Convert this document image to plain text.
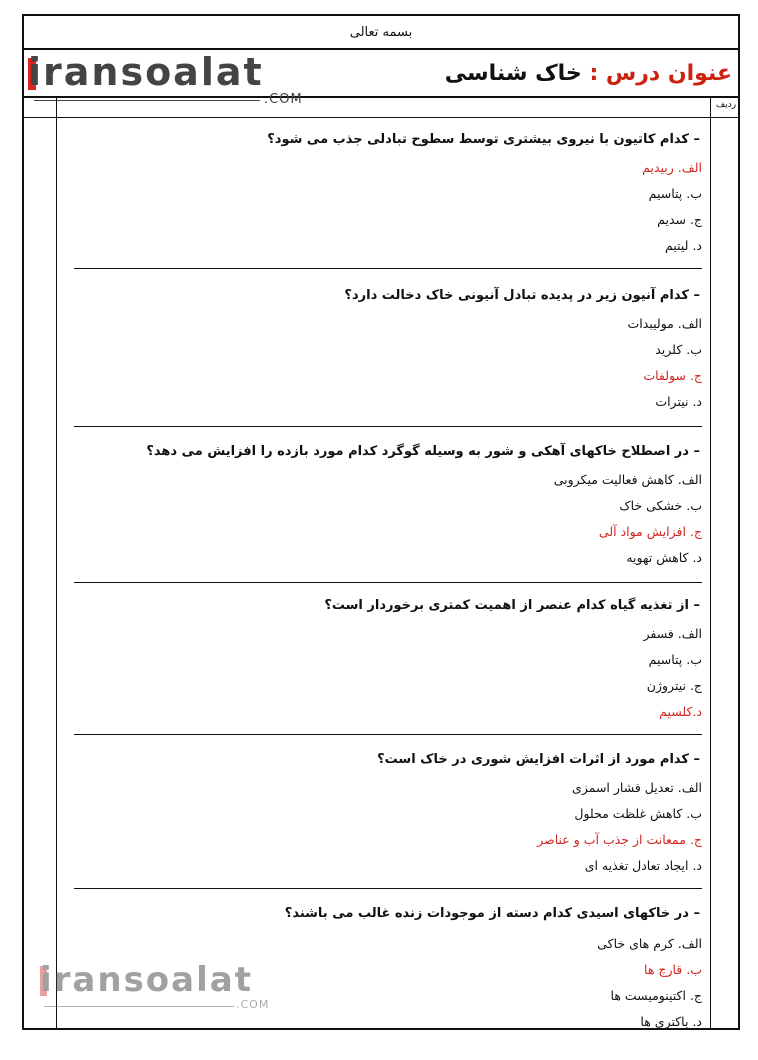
بسمه تعالی
iransoalat
.COM
عنوان درس : خاک شناسی
ردیف
– کدام کاتیون با نیروی بیشتری توسط سطوح تبادلی جذب می شود؟
الف. ربیدیم
ب. پتاسیم
ج. سدیم
د. لیتیم
– کدام آنیون زیر در پدیده تبادل آنیونی خاک دخالت دارد؟
الف. مولیبدات
ب. کلرید
ج. سولفات
د. نیترات
– در اصطلاح خاکهای آهکی و شور به وسیله گوگرد کدام مورد بازده را افزایش می دهد؟
الف. کاهش فعالیت میکروبی
ب. خشکی خاک
ج. افزایش مواد آلی
د. کاهش تهویه
– از تغذیه گیاه کدام عنصر از اهمیت کمتری برخوردار است؟
الف. فسفر
ب. پتاسیم
ج. نیتروژن
د.کلسیم
– کدام مورد از اثرات افزایش شوری در خاک است؟
الف. تعدیل فشار اسمزی
ب. کاهش غلظت محلول
ج. ممعانت از جذب آب و عناصر
د. ایجاد تعادل تغذیه ای
– در خاکهای اسیدی کدام دسته از موجودات زنده غالب می باشند؟
الف. کرم های خاکی
ب. قارچ ها
ج. اکتینومیست ها
د. باکتری ها
iransoalat
.COM
